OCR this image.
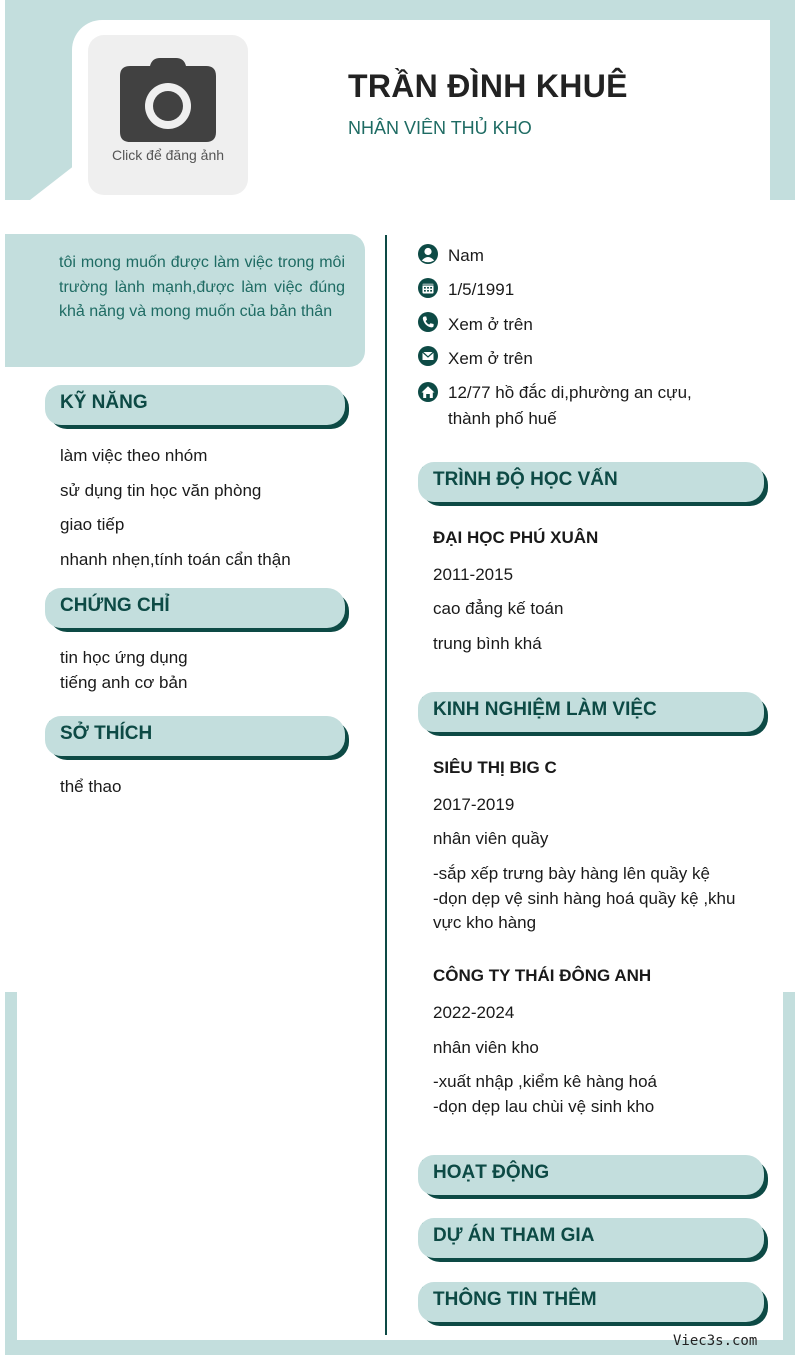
Click để đăng ảnh
TRẦN ĐÌNH KHUÊ
NHÂN VIÊN THỦ KHO
tôi mong muốn được làm việc trong môi trường lành mạnh,được làm việc đúng khả năng và mong muốn của bản thân
KỸ NĂNG
làm việc theo nhóm
sử dụng tin học văn phòng
giao tiếp
nhanh nhẹn,tính toán cẩn thận
CHỨNG CHỈ
tin học ứng dụng
tiếng anh cơ bản
SỞ THÍCH
thể thao
Nam
1/5/1991
Xem ở trên
Xem ở trên
12/77 hồ đắc di,phường an cựu,
thành phố huế
TRÌNH ĐỘ HỌC VẤN
ĐẠI HỌC PHÚ XUÂN
2011-2015
cao đẳng kế toán
trung bình khá
KINH NGHIỆM LÀM VIỆC
SIÊU THỊ BIG C
2017-2019
nhân viên quầy
-sắp xếp trưng bày hàng lên quầy kệ
-dọn dẹp vệ sinh hàng hoá quầy kệ ,khu
vực kho hàng
CÔNG TY THÁI ĐÔNG ANH
2022-2024
nhân viên kho
-xuất nhập ,kiểm kê hàng hoá
-dọn dẹp lau chùi vệ sinh kho
HOẠT ĐỘNG
DỰ ÁN THAM GIA
THÔNG TIN THÊM
Viec3s.com
